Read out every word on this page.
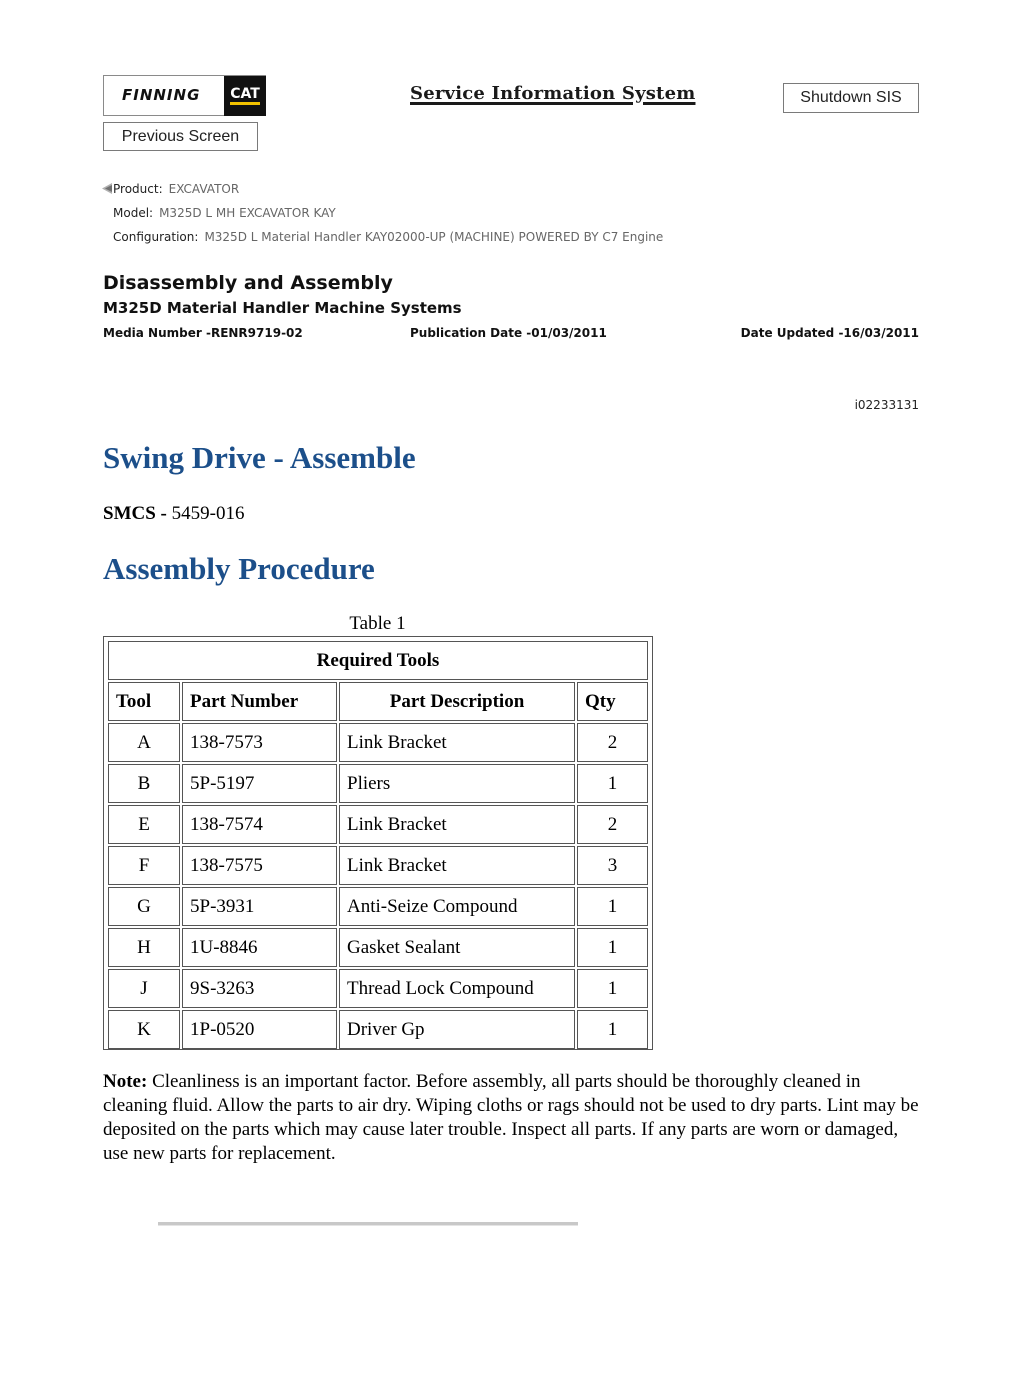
FINNING CAT	Service Information System	Shutdown SIS
Previous Screen
Product: EXCAVATOR
Model: M325D L MH EXCAVATOR KAY
Configuration: M325D L Material Handler KAY02000-UP (MACHINE) POWERED BY C7 Engine
Disassembly and Assembly
M325D Material Handler Machine Systems
Media Number -RENR9719-02	Publication Date -01/03/2011	Date Updated -16/03/2011
i02233131
Swing Drive - Assemble
SMCS - 5459-016
Assembly Procedure
Table 1
Required Tools			
Tool	Part Number	Part Description	Qty
A	138-7573	Link Bracket	2
B	5P-5197	Pliers	1
E	138-7574	Link Bracket	2
F	138-7575	Link Bracket	3
G	5P-3931	Anti-Seize Compound	1
H	1U-8846	Gasket Sealant	1
J	9S-3263	Thread Lock Compound	1
K	1P-0520	Driver Gp	1
Note: Cleanliness is an important factor. Before assembly, all parts should be thoroughly cleaned in cleaning fluid. Allow the parts to air dry. Wiping cloths or rags should not be used to dry parts. Lint may be deposited on the parts which may cause later trouble. Inspect all parts. If any parts are worn or damaged, use new parts for replacement.
